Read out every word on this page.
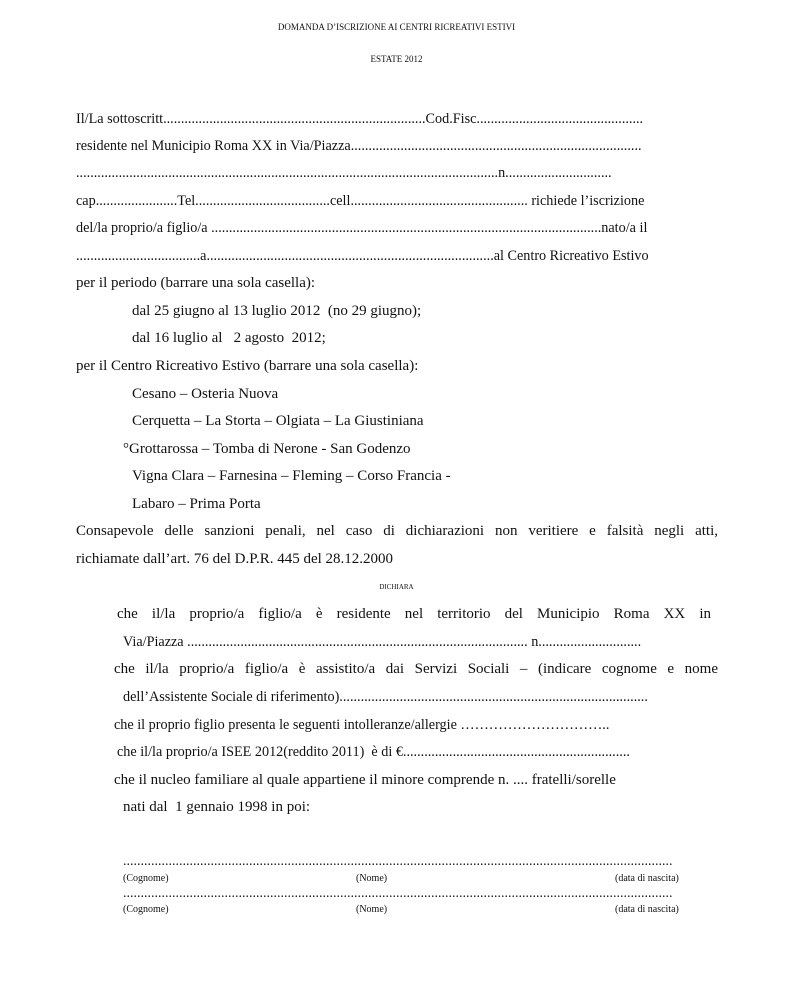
DOMANDA D’ISCRIZIONE AI CENTRI RICREATIVI ESTIVI
ESTATE 2012
Il/La sottoscritt..........................................................................Cod.Fisc...............................................
residente nel Municipio Roma XX in Via/Piazza..................................................................................
.......................................................................................................................n..............................
cap.......................Tel......................................cell.................................................. richiede l’iscrizione
del/la proprio/a figlio/a ..............................................................................................................nato/a il
...................................a.................................................................................al Centro Ricreativo Estivo
per il periodo (barrare una sola casella):
dal 25 giugno al 13 luglio 2012  (no 29 giugno);
dal 16 luglio al   2 agosto  2012;
per il Centro Ricreativo Estivo (barrare una sola casella):
Cesano – Osteria Nuova
Cerquetta – La Storta – Olgiata – La Giustiniana
°Grottarossa – Tomba di Nerone - San Godenzo
Vigna Clara – Farnesina – Fleming – Corso Francia -
Labaro – Prima Porta
Consapevole delle sanzioni penali, nel caso di dichiarazioni non veritiere e falsità negli atti,
richiamate dall’art. 76 del D.P.R. 445 del 28.12.2000
DICHIARA
che il/la proprio/a figlio/a è residente nel territorio del Municipio Roma XX in
Via/Piazza ................................................................................................ n.............................
che il/la proprio/a figlio/a è assistito/a dai Servizi Sociali – (indicare cognome e nome
dell’Assistente Sociale di riferimento).......................................................................................
che il proprio figlio presenta le seguenti intolleranze/allergie …………………………..
che il/la proprio/a ISEE 2012(reddito 2011)  è di €................................................................
che il nucleo familiare al quale appartiene il minore comprende n. .... fratelli/sorelle
nati dal  1 gennaio 1998 in poi:
.............................................................................................................................................................
(Cognome)	(Nome)	(data di nascita)
.............................................................................................................................................................
(Cognome)	(Nome)	(data di nascita)
